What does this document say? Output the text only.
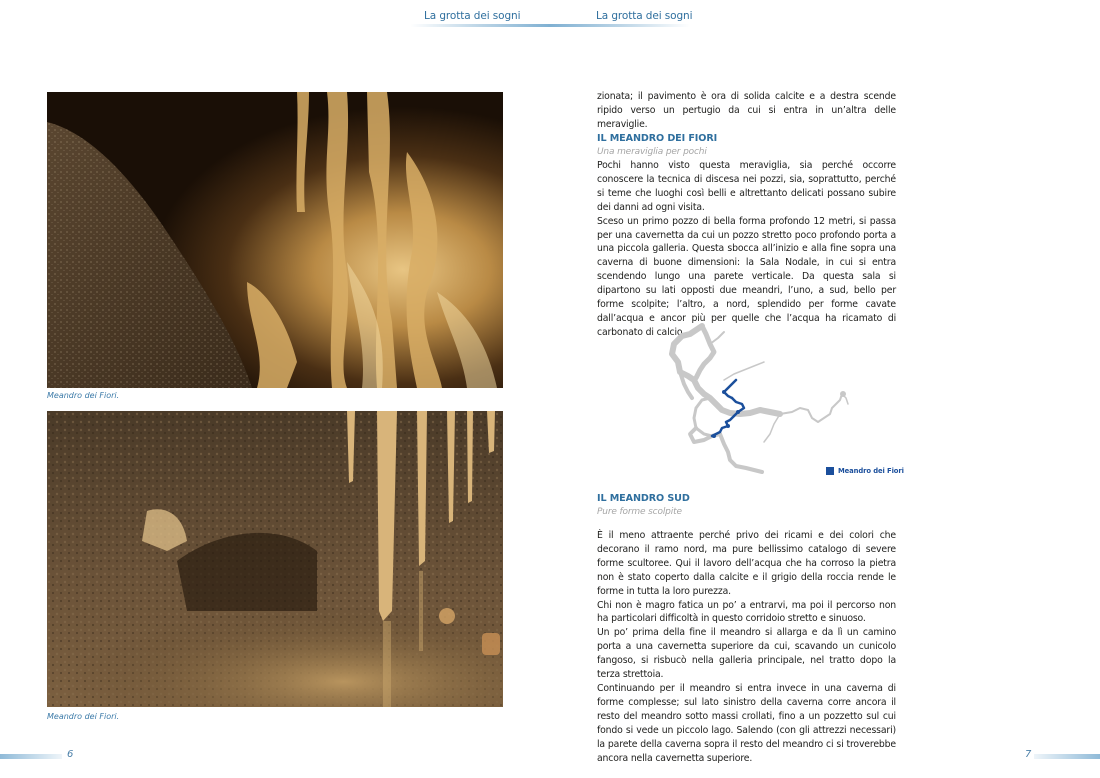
La grotta dei sogni	La grotta dei sogni
Meandro dei Fiori.
Meandro dei Fiori.
6

zionata; il pavimento è ora di solida calcite e a destra scende ripido verso un pertugio da cui si entra in un’altra delle meraviglie.

IL MEANDRO DEI FIORI
Una meraviglia per pochi

Pochi hanno visto questa meraviglia, sia perché occorre conoscere la tecnica di discesa nei pozzi, sia, soprattutto, perché si teme che luoghi così belli e altrettanto delicati possano subire dei danni ad ogni visita.

Sceso un primo pozzo di bella forma profondo 12 metri, si passa per una cavernetta da cui un pozzo stretto poco profondo porta a una piccola galleria. Questa sbocca all’inizio e alla fine sopra una caverna di buone dimensioni: la Sala Nodale, in cui si entra scendendo lungo una parete verticale. Da questa sala si dipartono su lati opposti due meandri, l’uno, a sud, bello per forme scolpite; l’altro, a nord, splendido per forme cavate dall’acqua e ancor più per quelle che l’acqua ha ricamato di carbonato di calcio.

Meandro dei Fiori
IL MEANDRO SUD
Pure forme scolpite

È il meno attraente perché privo dei ricami e dei colori che decorano il ramo nord, ma pure bellissimo catalogo di severe forme scultoree. Qui il lavoro dell’acqua che ha corroso la pietra non è stato coperto dalla calcite e il grigio della roccia rende le forme in tutta la loro purezza.

Chi non è magro fatica un po’ a entrarvi, ma poi il percorso non ha particolari difficoltà in questo corridoio stretto e sinuoso.

Un po’ prima della fine il meandro si allarga e da lì un camino porta a una cavernetta superiore da cui, scavando un cunicolo fangoso, si risbucò nella galleria principale, nel tratto dopo la terza strettoia.

Continuando per il meandro si entra invece in una caverna di forme complesse; sul lato sinistro della caverna corre ancora il resto del meandro sotto massi crollati, fino a un pozzetto sul cui fondo si vede un piccolo lago. Salendo (con gli attrezzi necessari) la parete della caverna sopra il resto del meandro ci si troverebbe ancora nella cavernetta superiore.	7
